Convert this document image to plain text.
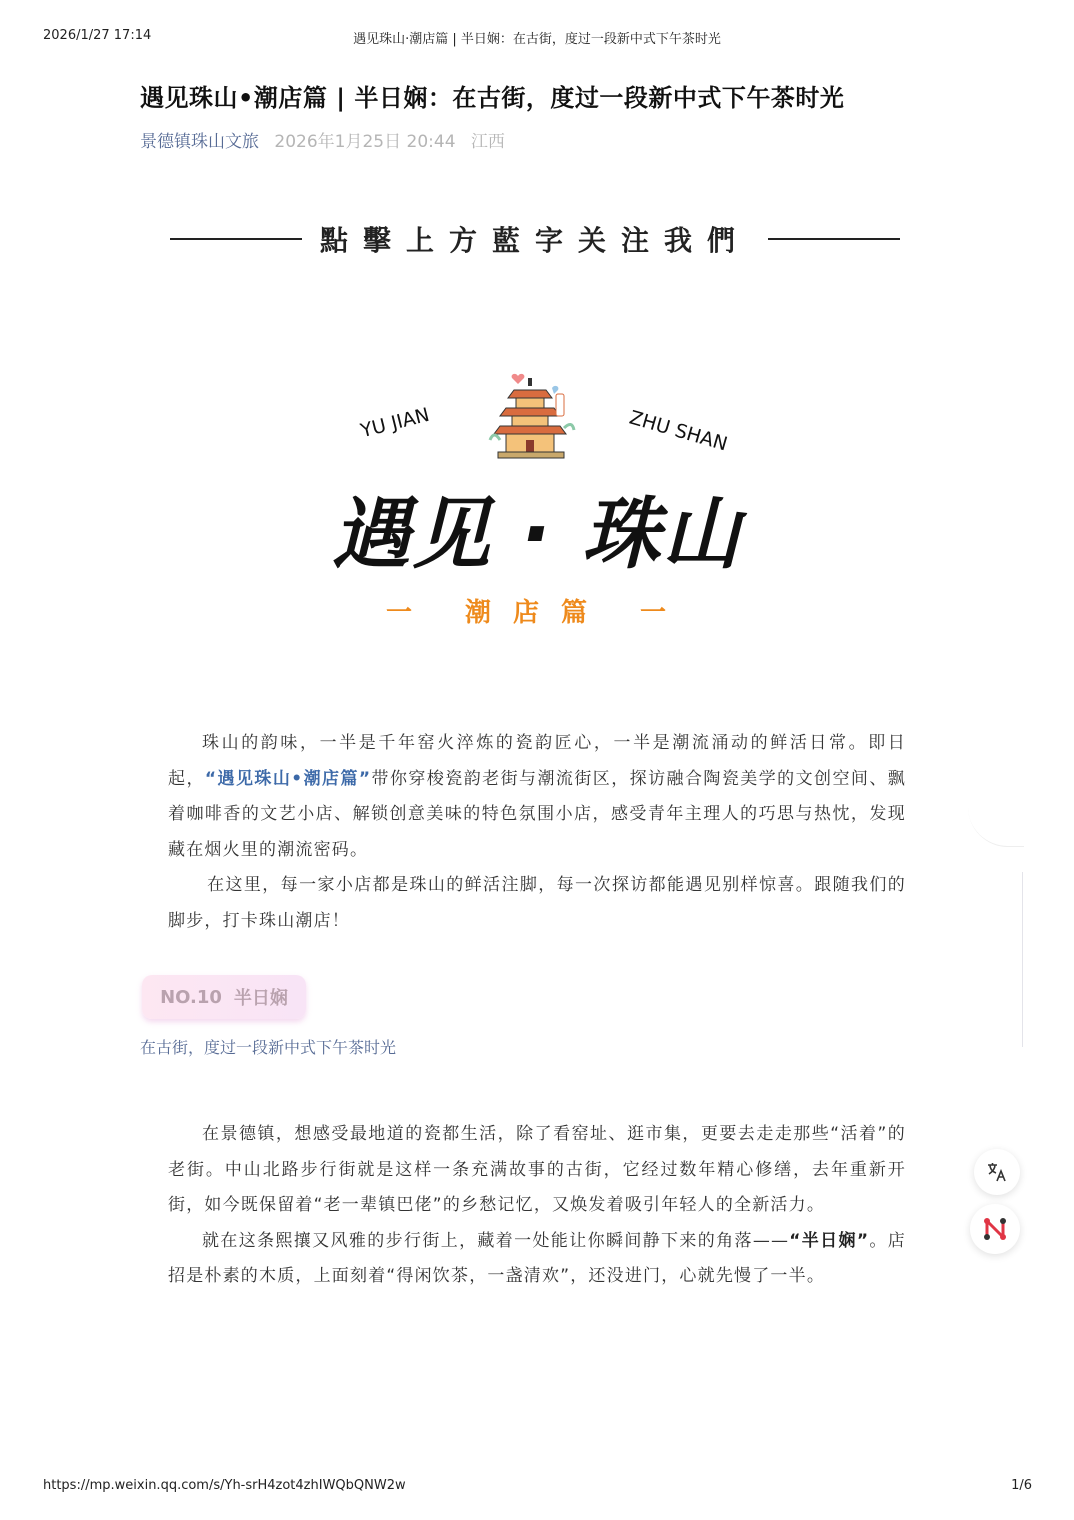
2026/1/27 17:14	遇见珠山·潮店篇 | 半日娴：在古街，度过一段新中式下午茶时光
遇见珠山•潮店篇 | 半日娴：在古街，度过一段新中式下午茶时光
景德镇珠山文旅 2026年1月25日 20:44 江西
點擊上方藍字关注我們
YU JIAN	ZHU SHAN
遇见 · 珠山
一 潮店篇 一

珠山的韵味，一半是千年窑火淬炼的瓷韵匠心，一半是潮流涌动的鲜活日常。即日起，“遇见珠山•潮店篇”带你穿梭瓷韵老街与潮流街区，探访融合陶瓷美学的文创空间、飘着咖啡香的文艺小店、解锁创意美味的特色氛围小店，感受青年主理人的巧思与热忱，发现藏在烟火里的潮流密码。

在这里，每一家小店都是珠山的鲜活注脚，每一次探访都能遇见别样惊喜。跟随我们的脚步，打卡珠山潮店！

NO.10 半日娴
在古街，度过一段新中式下午茶时光

在景德镇，想感受最地道的瓷都生活，除了看窑址、逛市集，更要去走走那些“活着”的老街。中山北路步行街就是这样一条充满故事的古街，它经过数年精心修缮，去年重新开街，如今既保留着“老一辈镇巴佬”的乡愁记忆，又焕发着吸引年轻人的全新活力。

就在这条熙攘又风雅的步行街上，藏着一处能让你瞬间静下来的角落——“半日娴”。店招是朴素的木质，上面刻着“得闲饮茶，一盏清欢”，还没进门，心就先慢了一半。

https://mp.weixin.qq.com/s/Yh-srH4zot4zhIWQbQNW2w	1/6
